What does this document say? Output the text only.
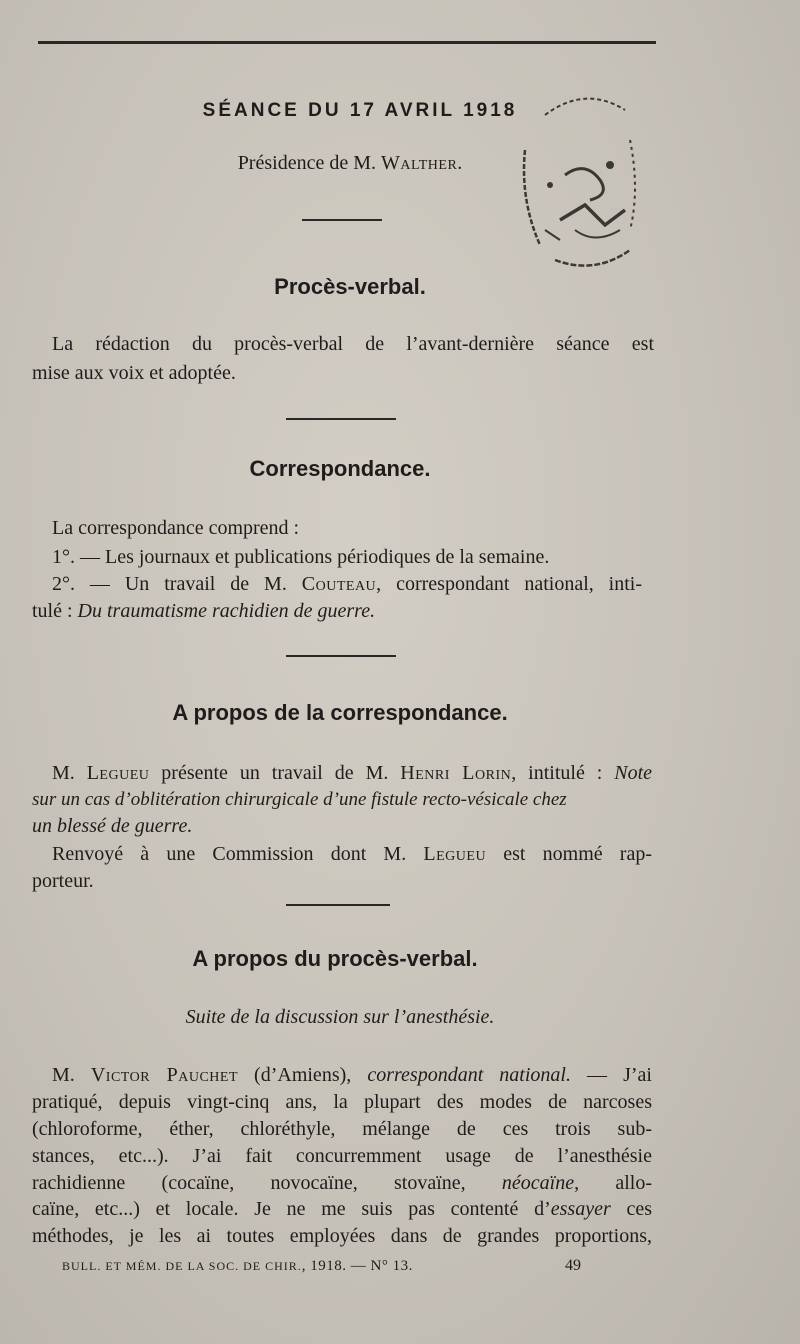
SÉANCE DU 17 AVRIL 1918
Présidence de M. Walther.
Procès-verbal.
La rédaction du procès-verbal de l’avant-dernière séance est
mise aux voix et adoptée.
Correspondance.
La correspondance comprend :
1°. — Les journaux et publications périodiques de la semaine.
2°. — Un travail de M. Couteau, correspondant national, inti-
tulé : Du traumatisme rachidien de guerre.
A propos de la correspondance.
M. Legueu présente un travail de M. Henri Lorin, intitulé : Note
sur un cas d’oblitération chirurgicale d’une fistule recto-vésicale chez
un blessé de guerre.
Renvoyé à une Commission dont M. Legueu est nommé rap-
porteur.
A propos du procès-verbal.
Suite de la discussion sur l’anesthésie.
M. Victor Pauchet (d’Amiens), correspondant national. — J’ai
pratiqué, depuis vingt-cinq ans, la plupart des modes de narcoses
(chloroforme, éther, chloréthyle, mélange de ces trois sub-
stances, etc...). J’ai fait concurremment usage de l’anesthésie
rachidienne (cocaïne, novocaïne, stovaïne, néocaïne, allo-
caïne, etc...) et locale. Je ne me suis pas contenté d’essayer ces
méthodes, je les ai toutes employées dans de grandes proportions,
BULL. ET MÉM. DE LA SOC. DE CHIR., 1918. — N° 13.	49
